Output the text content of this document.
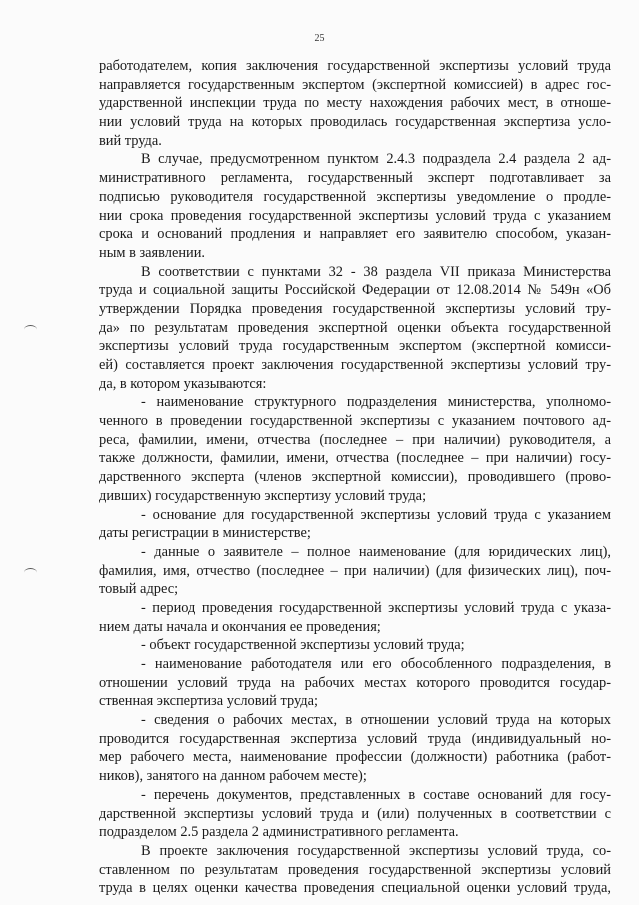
25
работодателем, копия заключения государственной экспертизы условий труда
направляется государственным экспертом (экспертной комиссией) в адрес гос-
ударственной инспекции труда по месту нахождения рабочих мест, в отноше-
нии условий труда на которых проводилась государственная экспертиза усло-
вий труда.
В случае, предусмотренном пунктом 2.4.3 подраздела 2.4 раздела 2 ад-
министративного регламента, государственный эксперт подготавливает за
подписью руководителя государственной экспертизы уведомление о продле-
нии срока проведения государственной экспертизы условий труда с указанием
срока и оснований продления и направляет его заявителю способом, указан-
ным в заявлении.
В соответствии с пунктами 32 - 38 раздела VII приказа Министерства
труда и социальной защиты Российской Федерации от 12.08.2014 № 549н «Об
утверждении Порядка проведения государственной экспертизы условий тру-
да» по результатам проведения экспертной оценки объекта государственной
экспертизы условий труда государственным экспертом (экспертной комисси-
ей) составляется проект заключения государственной экспертизы условий тру-
да, в котором указываются:
- наименование структурного подразделения министерства, уполномо-
ченного в проведении государственной экспертизы с указанием почтового ад-
реса, фамилии, имени, отчества (последнее – при наличии) руководителя, а
также должности, фамилии, имени, отчества (последнее – при наличии) госу-
дарственного эксперта (членов экспертной комиссии), проводившего (прово-
дивших) государственную экспертизу условий труда;
- основание для государственной экспертизы условий труда с указанием
даты регистрации в министерстве;
- данные о заявителе – полное наименование (для юридических лиц),
фамилия, имя, отчество (последнее – при наличии) (для физических лиц), поч-
товый адрес;
- период проведения государственной экспертизы условий труда с указа-
нием даты начала и окончания ее проведения;
- объект государственной экспертизы условий труда;
- наименование работодателя или его обособленного подразделения, в
отношении условий труда на рабочих местах которого проводится государ-
ственная экспертиза условий труда;
- сведения о рабочих местах, в отношении условий труда на которых
проводится государственная экспертиза условий труда (индивидуальный но-
мер рабочего места, наименование профессии (должности) работника (работ-
ников), занятого на данном рабочем месте);
- перечень документов, представленных в составе оснований для госу-
дарственной экспертизы условий труда и (или) полученных в соответствии с
подразделом 2.5 раздела 2 административного регламента.
В проекте заключения государственной экспертизы условий труда, со-
ставленном по результатам проведения государственной экспертизы условий
труда в целях оценки качества проведения специальной оценки условий труда,
